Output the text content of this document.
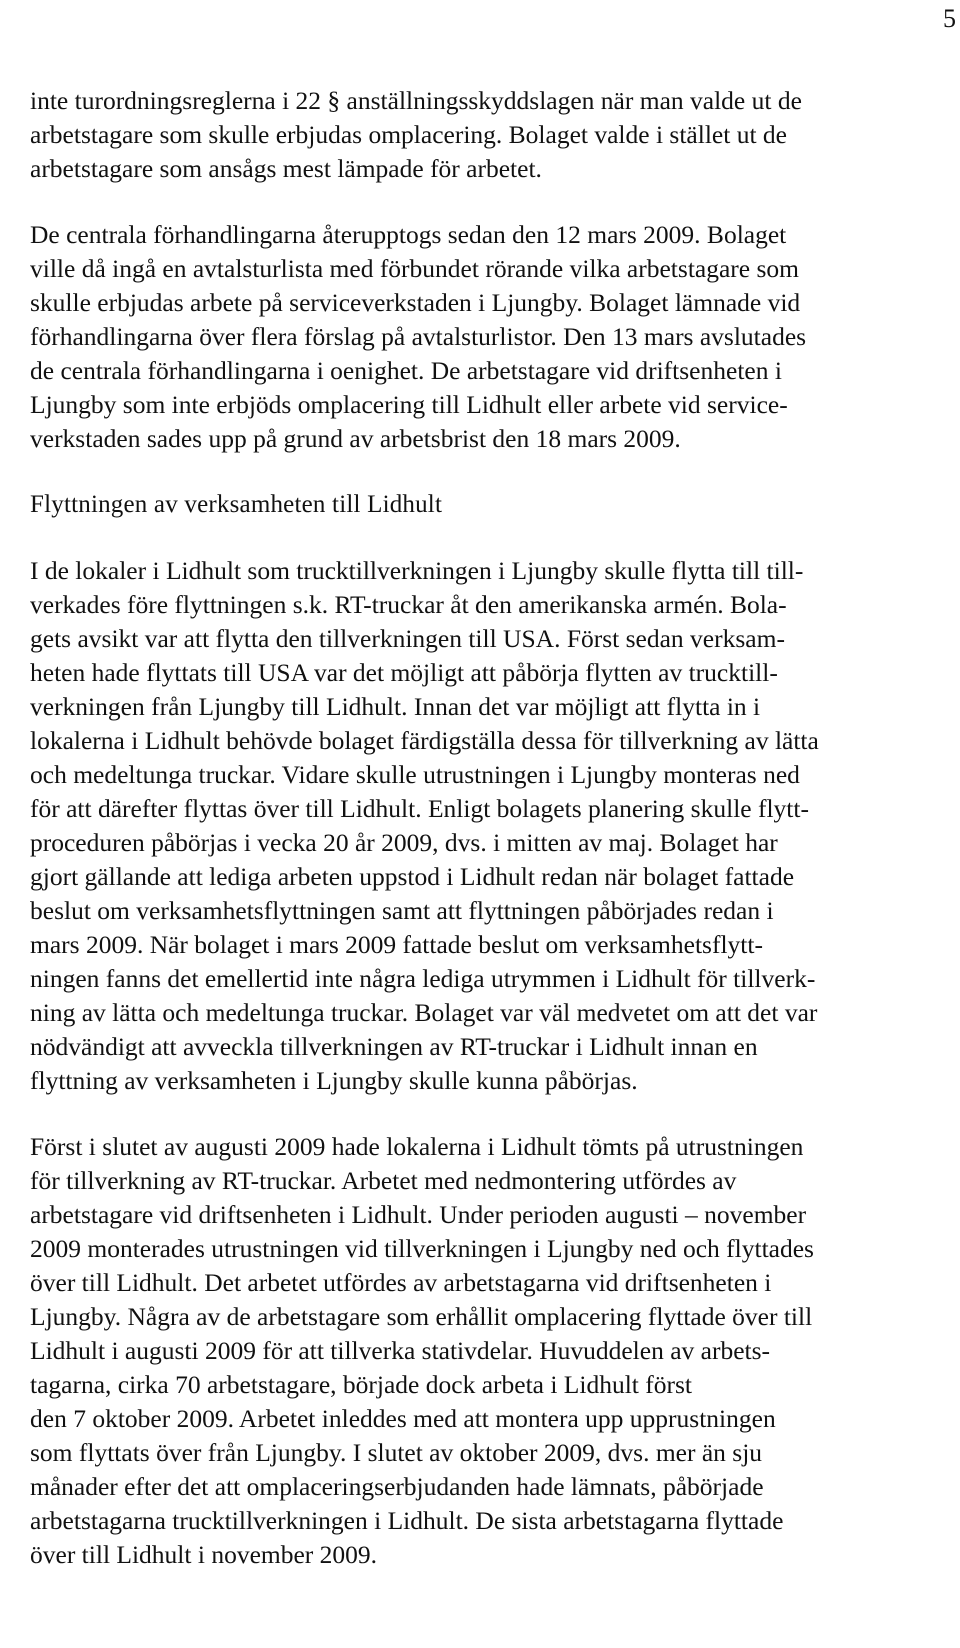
5
inte turordningsreglerna i 22 § anställningsskyddslagen när man valde ut de
arbetstagare som skulle erbjudas omplacering. Bolaget valde i stället ut de
arbetstagare som ansågs mest lämpade för arbetet.
De centrala förhandlingarna återupptogs sedan den 12 mars 2009. Bolaget
ville då ingå en avtalsturlista med förbundet rörande vilka arbetstagare som
skulle erbjudas arbete på serviceverkstaden i Ljungby. Bolaget lämnade vid
förhandlingarna över flera förslag på avtalsturlistor. Den 13 mars avslutades
de centrala förhandlingarna i oenighet. De arbetstagare vid driftsenheten i
Ljungby som inte erbjöds omplacering till Lidhult eller arbete vid service-
verkstaden sades upp på grund av arbetsbrist den 18 mars 2009.
Flyttningen av verksamheten till Lidhult
I de lokaler i Lidhult som trucktillverkningen i Ljungby skulle flytta till till-
verkades före flyttningen s.k. RT-truckar åt den amerikanska armén. Bola-
gets avsikt var att flytta den tillverkningen till USA. Först sedan verksam-
heten hade flyttats till USA var det möjligt att påbörja flytten av trucktill-
verkningen från Ljungby till Lidhult. Innan det var möjligt att flytta in i
lokalerna i Lidhult behövde bolaget färdigställa dessa för tillverkning av lätta
och medeltunga truckar. Vidare skulle utrustningen i Ljungby monteras ned
för att därefter flyttas över till Lidhult. Enligt bolagets planering skulle flytt-
proceduren påbörjas i vecka 20 år 2009, dvs. i mitten av maj. Bolaget har
gjort gällande att lediga arbeten uppstod i Lidhult redan när bolaget fattade
beslut om verksamhetsflyttningen samt att flyttningen påbörjades redan i
mars 2009. När bolaget i mars 2009 fattade beslut om verksamhetsflytt-
ningen fanns det emellertid inte några lediga utrymmen i Lidhult för tillverk-
ning av lätta och medeltunga truckar. Bolaget var väl medvetet om att det var
nödvändigt att avveckla tillverkningen av RT-truckar i Lidhult innan en
flyttning av verksamheten i Ljungby skulle kunna påbörjas.
Först i slutet av augusti 2009 hade lokalerna i Lidhult tömts på utrustningen
för tillverkning av RT-truckar. Arbetet med nedmontering utfördes av
arbetstagare vid driftsenheten i Lidhult. Under perioden augusti – november
2009 monterades utrustningen vid tillverkningen i Ljungby ned och flyttades
över till Lidhult. Det arbetet utfördes av arbetstagarna vid driftsenheten i
Ljungby. Några av de arbetstagare som erhållit omplacering flyttade över till
Lidhult i augusti 2009 för att tillverka stativdelar. Huvuddelen av arbets-
tagarna, cirka 70 arbetstagare, började dock arbeta i Lidhult först
den 7 oktober 2009. Arbetet inleddes med att montera upp upprustningen
som flyttats över från Ljungby. I slutet av oktober 2009, dvs. mer än sju
månader efter det att omplaceringserbjudanden hade lämnats, påbörjade
arbetstagarna trucktillverkningen i Lidhult. De sista arbetstagarna flyttade
över till Lidhult i november 2009.
